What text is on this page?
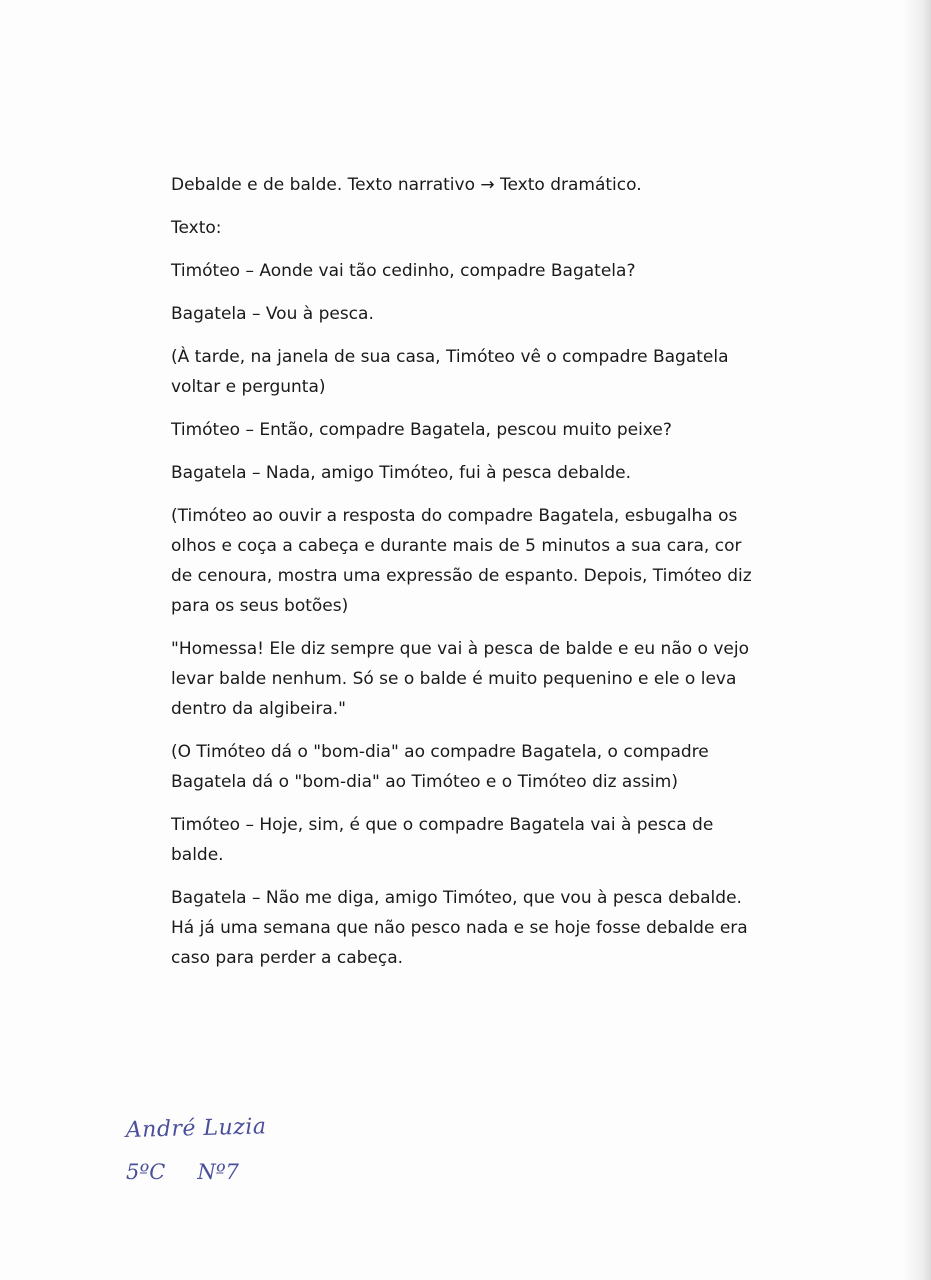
Debalde e de balde. Texto narrativo → Texto dramático.

Texto:

Timóteo – Aonde vai tão cedinho, compadre Bagatela?

Bagatela – Vou à pesca.

(À tarde, na janela de sua casa, Timóteo vê o compadre Bagatela voltar e pergunta)

Timóteo – Então, compadre Bagatela, pescou muito peixe?

Bagatela – Nada, amigo Timóteo, fui à pesca debalde.

(Timóteo ao ouvir a resposta do compadre Bagatela, esbugalha os olhos e coça a cabeça e durante mais de 5 minutos a sua cara, cor de cenoura, mostra uma expressão de espanto. Depois, Timóteo diz para os seus botões)

"Homessa! Ele diz sempre que vai à pesca de balde e eu não o vejo levar balde nenhum. Só se o balde é muito pequenino e ele o leva dentro da algibeira."

(O Timóteo dá o "bom-dia" ao compadre Bagatela, o compadre Bagatela dá o "bom-dia" ao Timóteo e o Timóteo diz assim)

Timóteo – Hoje, sim, é que o compadre Bagatela vai à pesca de balde.

Bagatela – Não me diga, amigo Timóteo, que vou à pesca debalde. Há já uma semana que não pesco nada e se hoje fosse debalde era caso para perder a cabeça.

André Luzia
5ºC Nº7
